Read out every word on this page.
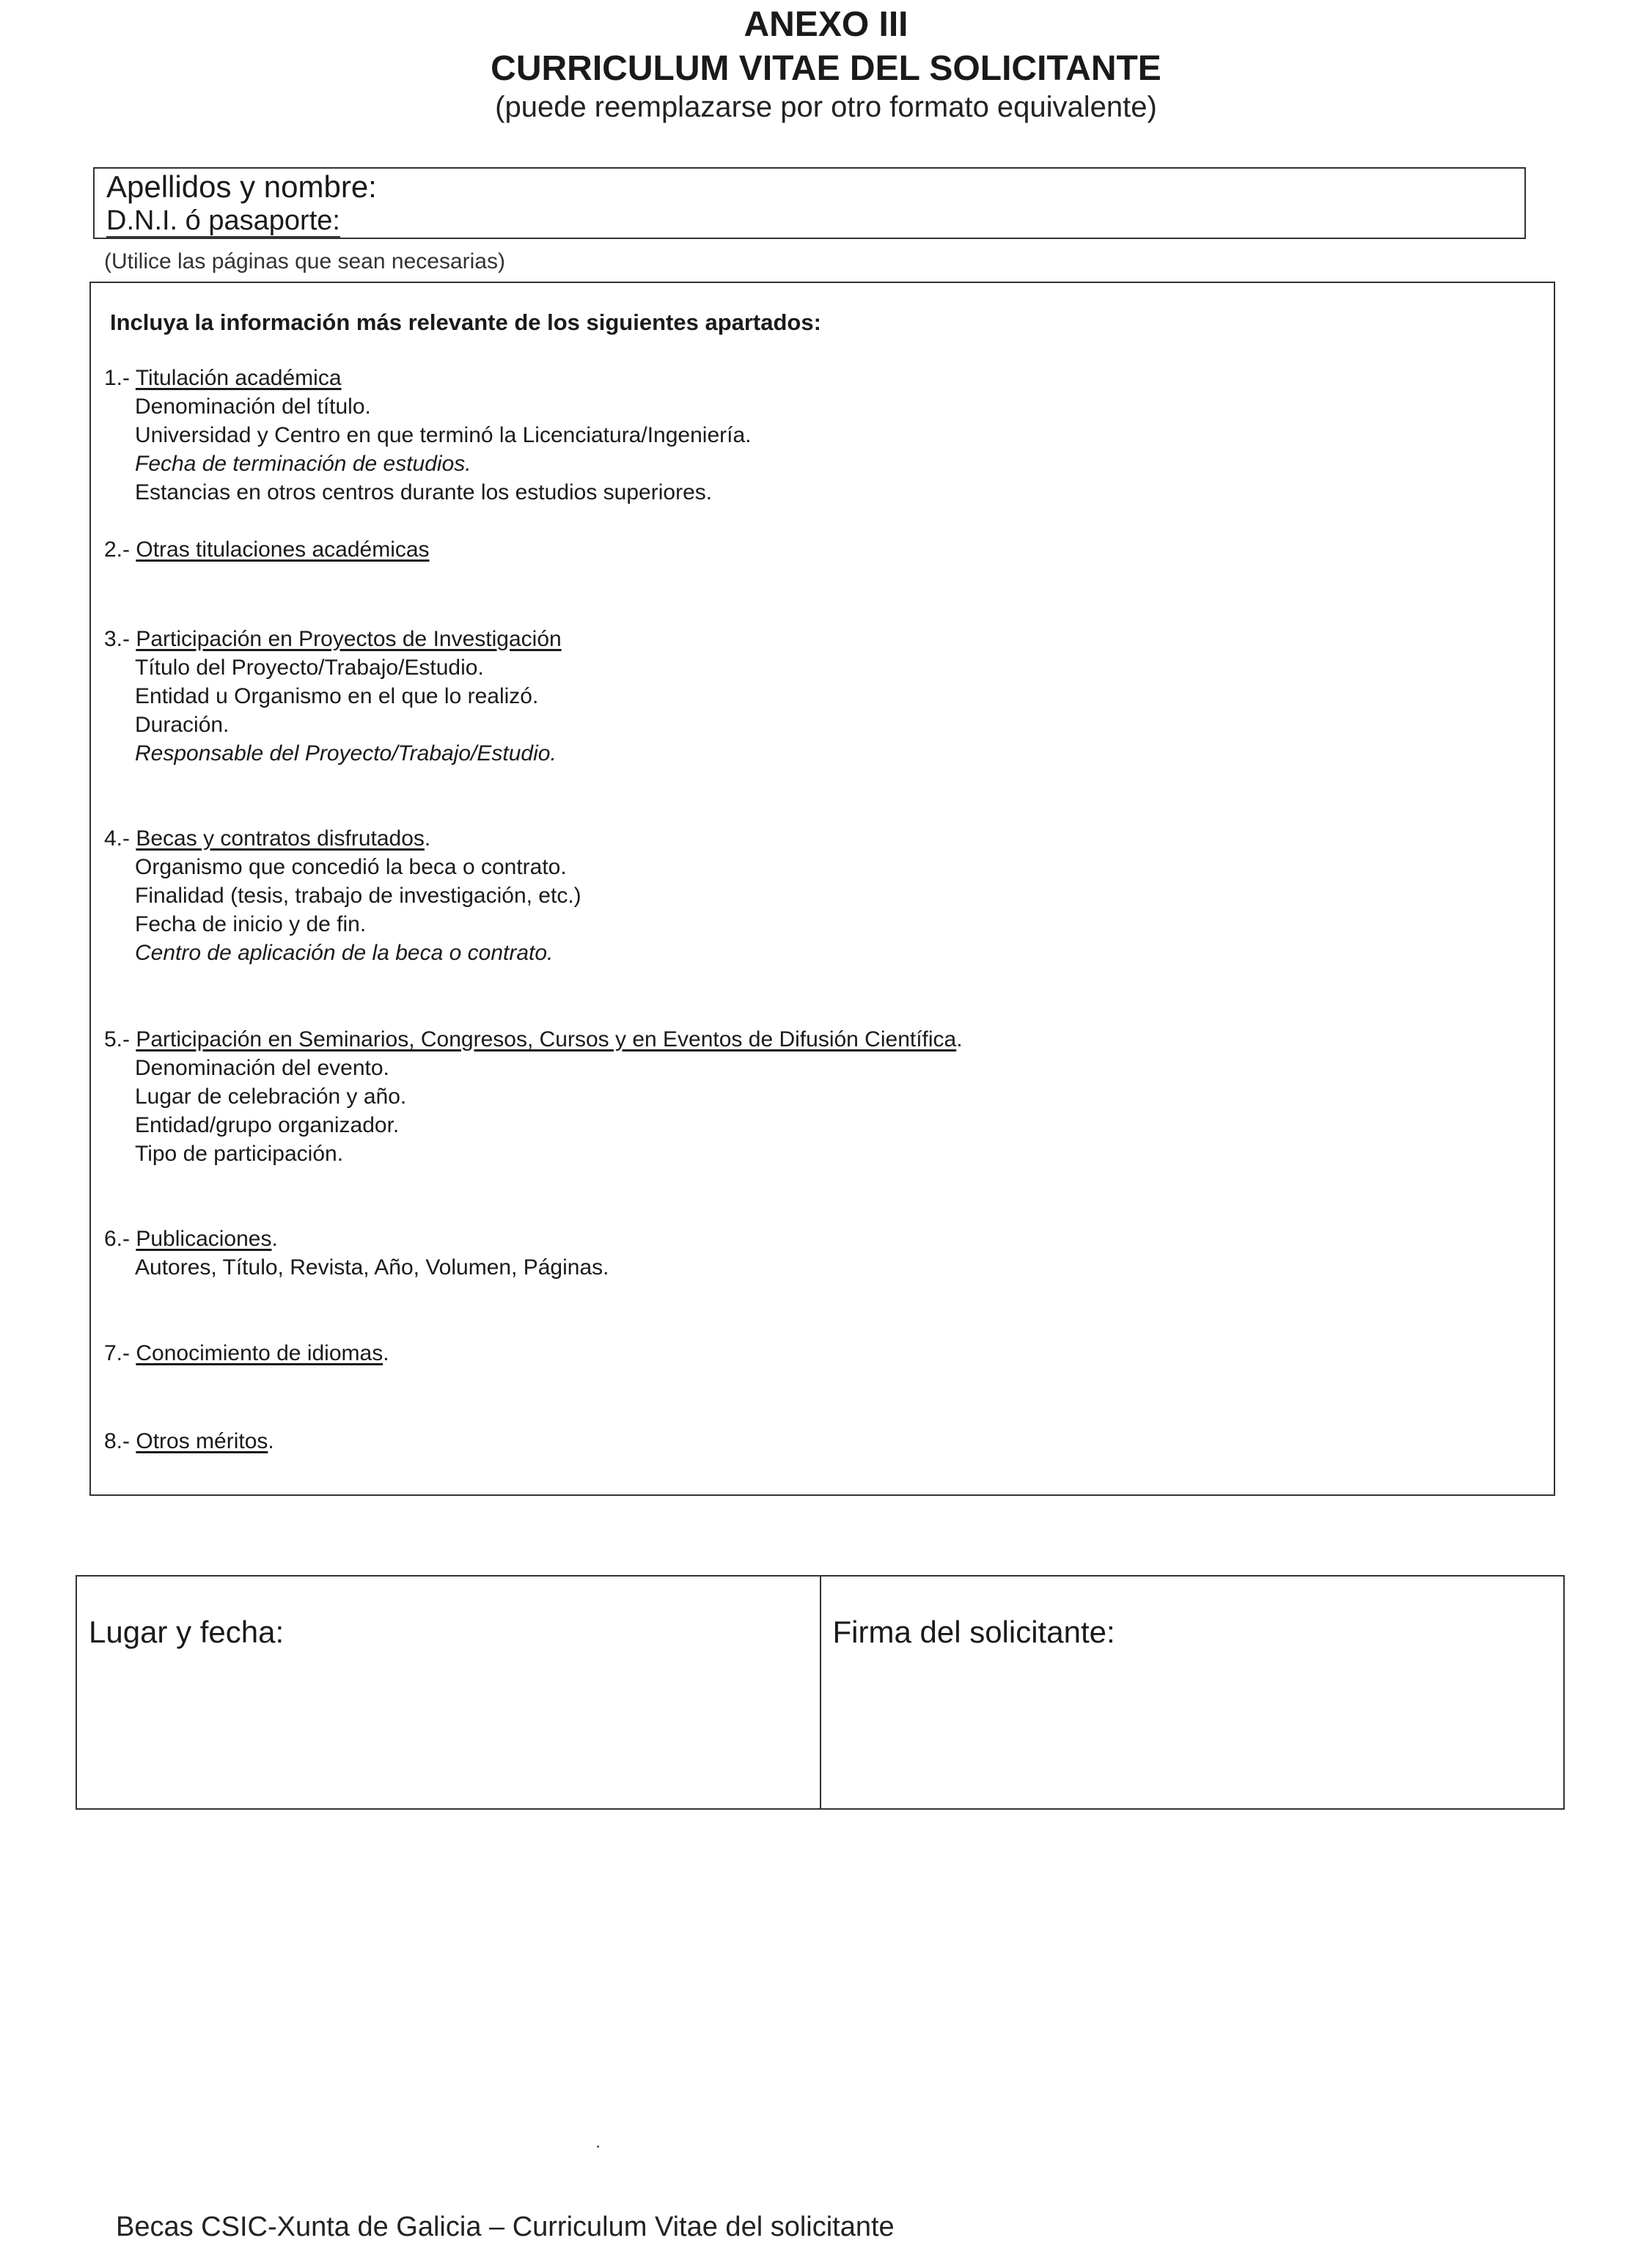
ANEXO III
CURRICULUM VITAE DEL SOLICITANTE
(puede reemplazarse por otro formato equivalente)
Apellidos y nombre:
D.N.I. ó pasaporte:
(Utilice las páginas que sean necesarias)
Incluya la información más relevante de los siguientes apartados:
1.- Titulación académica
Denominación del título.
Universidad y Centro en que terminó la Licenciatura/Ingeniería.
Fecha de terminación de estudios.
Estancias en otros centros durante los estudios superiores.
2.- Otras titulaciones académicas
3.- Participación en Proyectos de Investigación
Título del Proyecto/Trabajo/Estudio.
Entidad u Organismo en el que lo realizó.
Duración.
Responsable del Proyecto/Trabajo/Estudio.
4.- Becas y contratos disfrutados.
Organismo que concedió la beca o contrato.
Finalidad (tesis, trabajo de investigación, etc.)
Fecha de inicio y de fin.
Centro de aplicación de la beca o contrato.
5.- Participación en Seminarios, Congresos, Cursos y en Eventos de Difusión Científica.
Denominación del evento.
Lugar de celebración y año.
Entidad/grupo organizador.
Tipo de participación.
6.- Publicaciones.
Autores, Título, Revista, Año, Volumen, Páginas.
7.- Conocimiento de idiomas.
8.- Otros méritos.
Lugar y fecha:	Firma del solicitante:
Becas CSIC-Xunta de Galicia – Curriculum Vitae del solicitante
